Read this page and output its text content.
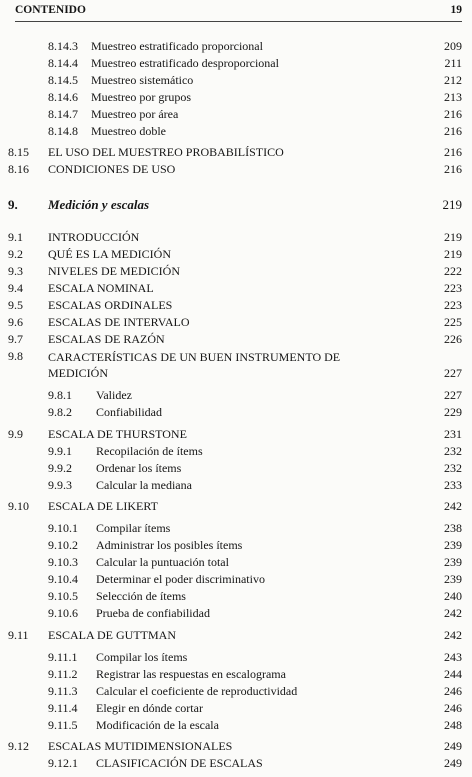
CONTENIDO	19
8.14.3 Muestreo estratificado proporcional	209
8.14.4 Muestreo estratificado desproporcional	211
8.14.5 Muestreo sistemático	212
8.14.6 Muestreo por grupos	213
8.14.7 Muestreo por área	216
8.14.8 Muestreo doble	216
8.15 EL USO DEL MUESTREO PROBABILÍSTICO	216
8.16 CONDICIONES DE USO	216
9. Medición y escalas	219
9.1 INTRODUCCIÓN	219
9.2 QUÉ ES LA MEDICIÓN	219
9.3 NIVELES DE MEDICIÓN	222
9.4 ESCALA NOMINAL	223
9.5 ESCALAS ORDINALES	223
9.6 ESCALAS DE INTERVALO	225
9.7 ESCALAS DE RAZÓN	226
9.8 CARACTERÍSTICAS DE UN BUEN INSTRUMENTO DE MEDICIÓN	227
9.8.1 Validez	227
9.8.2 Confiabilidad	229
9.9 ESCALA DE THURSTONE	231
9.9.1 Recopilación de ítems	232
9.9.2 Ordenar los ítems	232
9.9.3 Calcular la mediana	233
9.10 ESCALA DE LIKERT	242
9.10.1 Compilar ítems	238
9.10.2 Administrar los posibles ítems	239
9.10.3 Calcular la puntuación total	239
9.10.4 Determinar el poder discriminativo	239
9.10.5 Selección de ítems	240
9.10.6 Prueba de confiabilidad	242
9.11 ESCALA DE GUTTMAN	242
9.11.1 Compilar los ítems	243
9.11.2 Registrar las respuestas en escalograma	244
9.11.3 Calcular el coeficiente de reproductividad	246
9.11.4 Elegir en dónde cortar	246
9.11.5 Modificación de la escala	248
9.12 ESCALAS MUTIDIMENSIONALES	249
9.12.1 CLASIFICACIÓN DE ESCALAS	249
